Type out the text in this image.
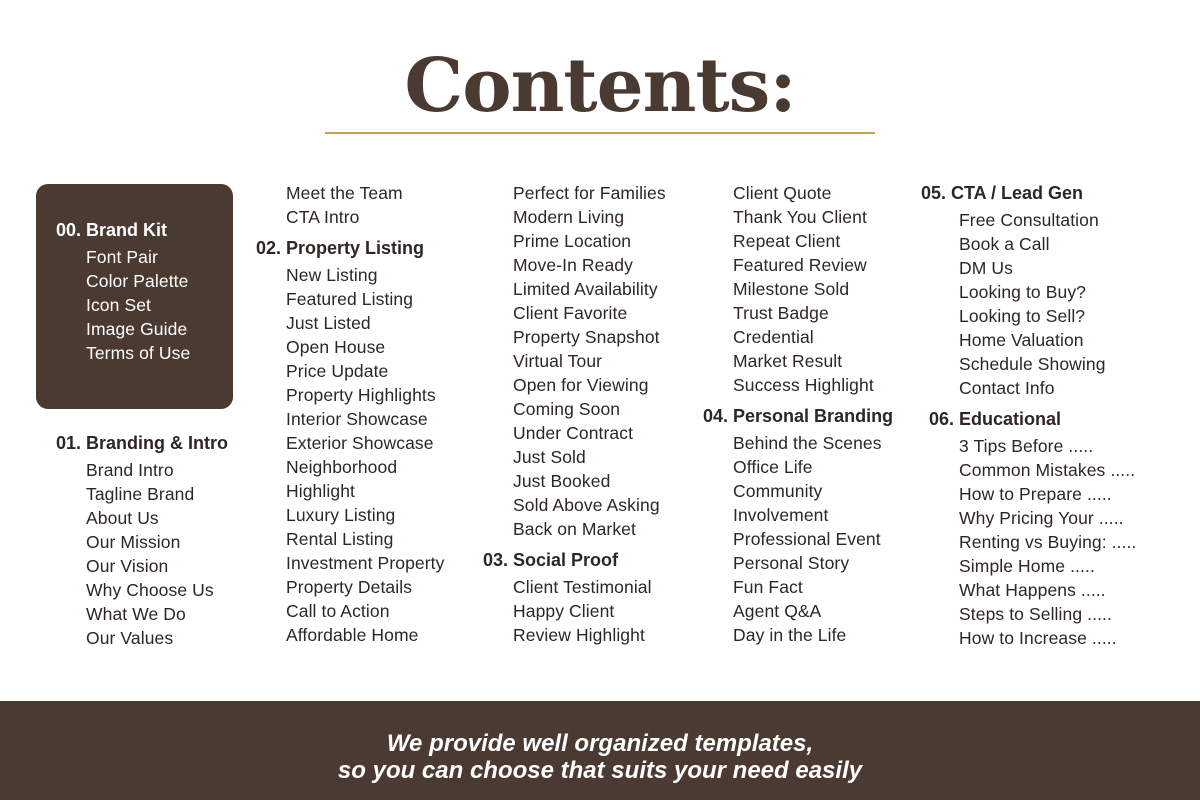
Contents:
00. Brand Kit
Font Pair
Color Palette
Icon Set
Image Guide
Terms of Use
01. Branding & Intro
Brand Intro
Tagline Brand
About Us
Our Mission
Our Vision
Why Choose Us
What We Do
Our Values
Meet the Team
CTA Intro
02. Property Listing
New Listing
Featured Listing
Just Listed
Open House
Price Update
Property Highlights
Interior Showcase
Exterior Showcase
Neighborhood
Highlight
Luxury Listing
Rental Listing
Investment Property
Property Details
Call to Action
Affordable Home
Perfect for Families
Modern Living
Prime Location
Move-In Ready
Limited Availability
Client Favorite
Property Snapshot
Virtual Tour
Open for Viewing
Coming Soon
Under Contract
Just Sold
Just Booked
Sold Above Asking
Back on Market
03. Social Proof
Client Testimonial
Happy Client
Review Highlight
Client Quote
Thank You Client
Repeat Client
Featured Review
Milestone Sold
Trust Badge
Credential
Market Result
Success Highlight
04. Personal Branding
Behind the Scenes
Office Life
Community
Involvement
Professional Event
Personal Story
Fun Fact
Agent Q&A
Day in the Life
05. CTA / Lead Gen
Free Consultation
Book a Call
DM Us
Looking to Buy?
Looking to Sell?
Home Valuation
Schedule Showing
Contact Info
06. Educational
3 Tips Before .....
Common Mistakes .....
How to Prepare .....
Why Pricing Your .....
Renting vs Buying: .....
Simple Home .....
What Happens .....
Steps to Selling .....
How to Increase .....
We provide well organized templates,
so you can choose that suits your need easily
